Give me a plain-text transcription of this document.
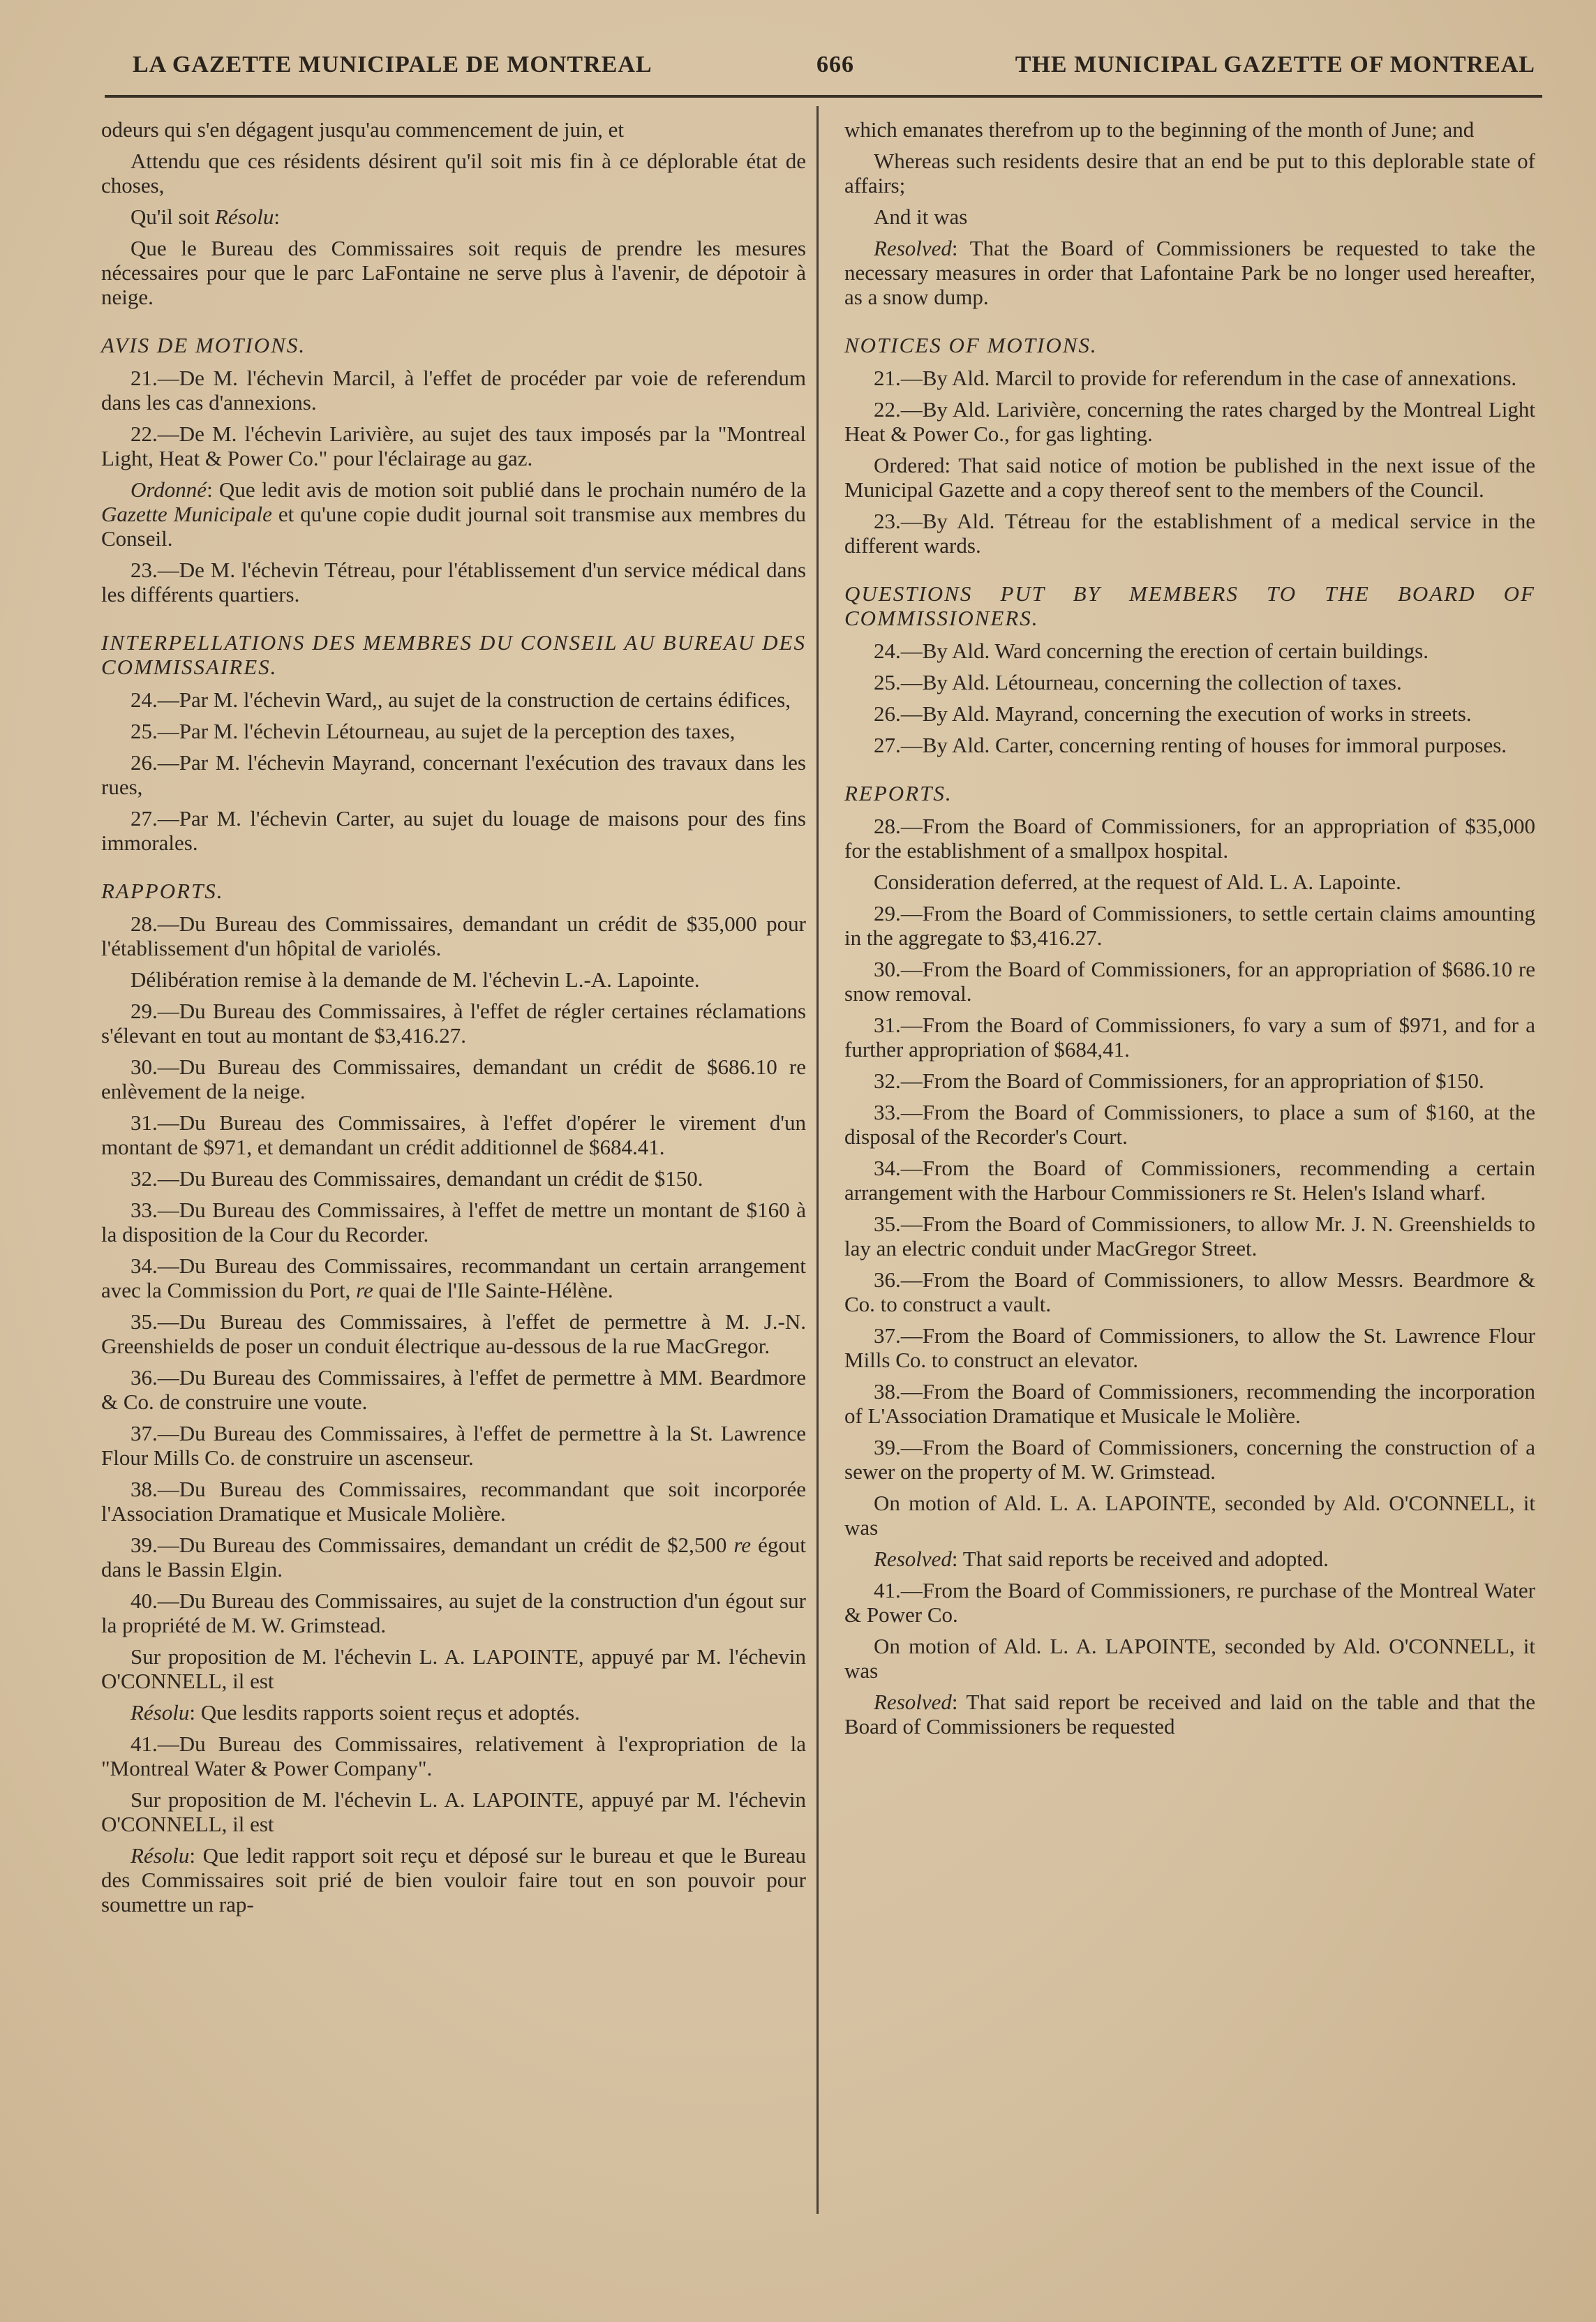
LA GAZETTE MUNICIPALE DE MONTREAL	666	THE MUNICIPAL GAZETTE OF MONTREAL

odeurs qui s'en dégagent jusqu'au commencement de juin, et

Attendu que ces résidents désirent qu'il soit mis fin à ce déplorable état de choses,

Qu'il soit Résolu:

Que le Bureau des Commissaires soit requis de prendre les mesures nécessaires pour que le parc LaFontaine ne serve plus à l'avenir, de dépotoir à neige.

AVIS DE MOTIONS.

21.—De M. l'échevin Marcil, à l'effet de procéder par voie de referendum dans les cas d'annexions.

22.—De M. l'échevin Larivière, au sujet des taux imposés par la "Montreal Light, Heat & Power Co." pour l'éclairage au gaz.

Ordonné: Que ledit avis de motion soit publié dans le prochain numéro de la Gazette Municipale et qu'une copie dudit journal soit transmise aux membres du Conseil.

23.—De M. l'échevin Tétreau, pour l'établissement d'un service médical dans les différents quartiers.

INTERPELLATIONS DES MEMBRES DU CONSEIL AU BUREAU DES COMMISSAIRES.

24.—Par M. l'échevin Ward,, au sujet de la construction de certains édifices,

25.—Par M. l'échevin Létourneau, au sujet de la perception des taxes,

26.—Par M. l'échevin Mayrand, concernant l'exécution des travaux dans les rues,

27.—Par M. l'échevin Carter, au sujet du louage de maisons pour des fins immorales.

RAPPORTS.

28.—Du Bureau des Commissaires, demandant un crédit de $35,000 pour l'établissement d'un hôpital de variolés.

Délibération remise à la demande de M. l'échevin L.-A. Lapointe.

29.—Du Bureau des Commissaires, à l'effet de régler certaines réclamations s'élevant en tout au montant de $3,416.27.

30.—Du Bureau des Commissaires, demandant un crédit de $686.10 re enlèvement de la neige.

31.—Du Bureau des Commissaires, à l'effet d'opérer le virement d'un montant de $971, et demandant un crédit additionnel de $684.41.

32.—Du Bureau des Commissaires, demandant un crédit de $150.

33.—Du Bureau des Commissaires, à l'effet de mettre un montant de $160 à la disposition de la Cour du Recorder.

34.—Du Bureau des Commissaires, recommandant un certain arrangement avec la Commission du Port, re quai de l'Ile Sainte-Hélène.

35.—Du Bureau des Commissaires, à l'effet de permettre à M. J.-N. Greenshields de poser un conduit électrique au-dessous de la rue MacGregor.

36.—Du Bureau des Commissaires, à l'effet de permettre à MM. Beardmore & Co. de construire une voute.

37.—Du Bureau des Commissaires, à l'effet de permettre à la St. Lawrence Flour Mills Co. de construire un ascenseur.

38.—Du Bureau des Commissaires, recommandant que soit incorporée l'Association Dramatique et Musicale Molière.

39.—Du Bureau des Commissaires, demandant un crédit de $2,500 re égout dans le Bassin Elgin.

40.—Du Bureau des Commissaires, au sujet de la construction d'un égout sur la propriété de M. W. Grimstead.

Sur proposition de M. l'échevin L. A. LAPOINTE, appuyé par M. l'échevin O'CONNELL, il est

Résolu: Que lesdits rapports soient reçus et adoptés.

41.—Du Bureau des Commissaires, relativement à l'expropriation de la "Montreal Water & Power Company".

Sur proposition de M. l'échevin L. A. LAPOINTE, appuyé par M. l'échevin O'CONNELL, il est

Résolu: Que ledit rapport soit reçu et déposé sur le bureau et que le Bureau des Commissaires soit prié de bien vouloir faire tout en son pouvoir pour soumettre un rap-

which emanates therefrom up to the beginning of the month of June; and

Whereas such residents desire that an end be put to this deplorable state of affairs;

And it was

Resolved: That the Board of Commissioners be requested to take the necessary measures in order that Lafontaine Park be no longer used hereafter, as a snow dump.

NOTICES OF MOTIONS.

21.—By Ald. Marcil to provide for referendum in the case of annexations.

22.—By Ald. Larivière, concerning the rates charged by the Montreal Light Heat & Power Co., for gas lighting.

Ordered: That said notice of motion be published in the next issue of the Municipal Gazette and a copy thereof sent to the members of the Council.

23.—By Ald. Tétreau for the establishment of a medical service in the different wards.

QUESTIONS PUT BY MEMBERS TO THE BOARD OF COMMISSIONERS.

24.—By Ald. Ward concerning the erection of certain buildings.

25.—By Ald. Létourneau, concerning the collection of taxes.

26.—By Ald. Mayrand, concerning the execution of works in streets.

27.—By Ald. Carter, concerning renting of houses for immoral purposes.

REPORTS.

28.—From the Board of Commissioners, for an appropriation of $35,000 for the establishment of a smallpox hospital.

Consideration deferred, at the request of Ald. L. A. Lapointe.

29.—From the Board of Commissioners, to settle certain claims amounting in the aggregate to $3,416.27.

30.—From the Board of Commissioners, for an appropriation of $686.10 re snow removal.

31.—From the Board of Commissioners, fo vary a sum of $971, and for a further appropriation of $684,41.

32.—From the Board of Commissioners, for an appropriation of $150.

33.—From the Board of Commissioners, to place a sum of $160, at the disposal of the Recorder's Court.

34.—From the Board of Commissioners, recommending a certain arrangement with the Harbour Commissioners re St. Helen's Island wharf.

35.—From the Board of Commissioners, to allow Mr. J. N. Greenshields to lay an electric conduit under MacGregor Street.

36.—From the Board of Commissioners, to allow Messrs. Beardmore & Co. to construct a vault.

37.—From the Board of Commissioners, to allow the St. Lawrence Flour Mills Co. to construct an elevator.

38.—From the Board of Commissioners, recommending the incorporation of L'Association Dramatique et Musicale le Molière.

39.—From the Board of Commissioners, concerning the construction of a sewer on the property of M. W. Grimstead.

On motion of Ald. L. A. LAPOINTE, seconded by Ald. O'CONNELL, it was

Resolved: That said reports be received and adopted.

41.—From the Board of Commissioners, re purchase of the Montreal Water & Power Co.

On motion of Ald. L. A. LAPOINTE, seconded by Ald. O'CONNELL, it was

Resolved: That said report be received and laid on the table and that the Board of Commissioners be requested
